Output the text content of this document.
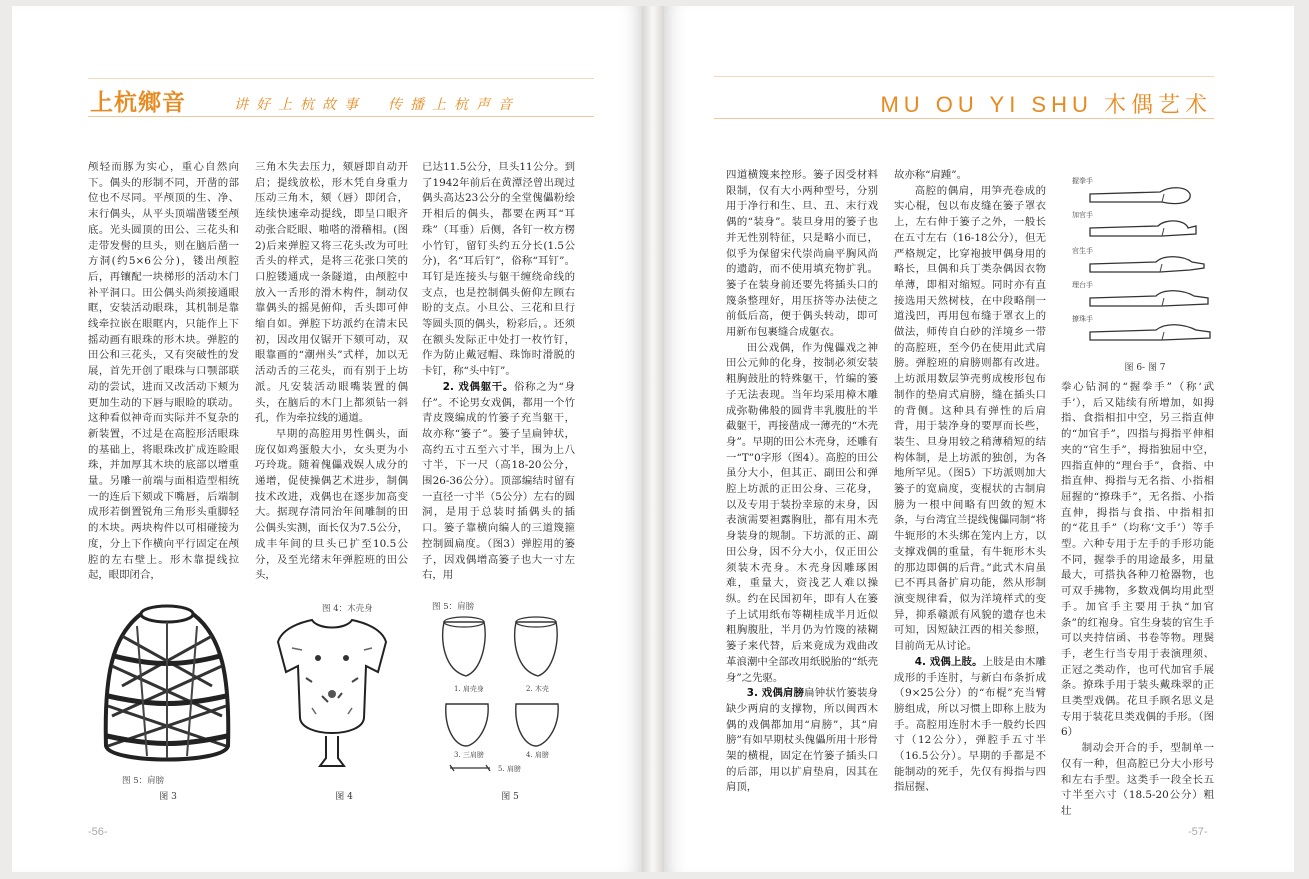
上杭鄉音	讲好上杭故事　传播上杭声音

颅轻而豚为实心，重心自然向下。偶头的形制不同，开凿的部位也不尽同。平颅顶的生、净、末行偶头，从平头顶端凿镂至颅底。光头圆顶的田公、三花头和走带发髻的旦头，则在脑后凿一方洞(约5×6公分)，镂出颅腔后，再镶配一块梯形的活动木门补平洞口。田公偶头尚须接通眼眶，安装活动眼珠，其机制是靠线牵拉嵌在眼眶内，只能作上下摇动画有眼珠的形木块。弹腔的田公和三花头，又有突破性的发展，首先开创了眼珠与口颚部联动的尝试，进而又改活动下颊为更加生动的下唇与眼睑的联动。这种看似神奇而实际并不复杂的新装置，不过是在高腔形活眼珠的基础上，将眼珠改扩成连睑眼珠，并加厚其木块的底部以增重量。另雕一前端与面相造型相统一的连后下颏或下嘴唇，后端制成形若倒置锐角三角形头重脚轻的木块。两块构件以可相碰接为度，分上下作横向平行固定在颅腔的左右壁上。形木靠提线拉起，眼即闭合，

三角木失去压力，颏唇即自动开启；提线放松，形木凭自身重力压动三角木，颏（唇）即闭合，连续快速牵动提线，即呈口眼齐动张合眨眼、啪嗒的滑稽相。(图2)后来弹腔又将三花头改为可吐舌头的样式，是将三花张口笑的口腔镂通成一条隧道，由颅腔中放入一舌形的滑木构件，制动仅靠偶头的摇晃俯仰，舌头即可伸缩自如。弹腔下坊派约在清末民初，因改用仅锯开下颏可动，双眼靠画的“潮州头”式样，加以无活动舌的三花头，而有别于上坊派。凡安装活动眼嘴装置的偶头，在脑后的木门上都须钻一斜孔，作为牵拉线的通道。

早期的高腔用男性偶头，面庞仅如鸡蛋般大小，女头更为小巧玲珑。随着傀儡戏娱人成分的递增，促使操偶艺术进步，制偶技术改进，戏偶也在逐步加高变大。据现存清同治年间雕制的田公偶头实测，面长仅为7.5公分，成丰年间的旦头已扩至10.5公分，及至光绪末年弹腔班的田公头，

已达11.5公分，旦头11公分。到了1942年前后在黄潭泾曾出现过偶头高达23公分的全堂傀儡粉绘开相后的偶头，都要在两耳“耳珠”（耳垂）后侧，各钉一枚方楞小竹钉，留钉头约五分长(1.5公分)，名“耳后钉”，俗称“耳钉”。耳钉是连接头与躯干缠绕命线的支点，也是控制偶头俯仰左顾右盼的支点。小旦公、三花和旦行等圆头顶的偶头，粉彩后，。还须在额头发际正中处打一枚竹钉，作为防止戴冠帽、珠饰时滑脱的卡钉，称“头中钉”。

2. 戏偶躯干。俗称之为“身仔”。不论男女戏偶，都用一个竹青皮篾编成的竹篓子充当躯干，故亦称“篓子”。篓子呈扁钟状，高约五寸五至六寸半，围为上八寸半，下一尺（高18-20公分，围26-36公分）。顶部编结时留有一直径一寸半（5公分）左右的圆洞，是用于总装时插偶头的插口。篓子靠横向编人的三道篾箍控制圆扁度。（图3）弹腔用的篓子，因戏偶增高篓子也大一寸左右，用

图 5：肩膀
图 3
图 4：木壳身
图 4
图 5：肩膀
1. 肩壳身	2. 木壳
3. 三肩膀	4. 肩膀
5. 肩膀
图 5
-56-
MU OU YI SHU 木偶艺术

四道横篾来控形。篓子因受材料限制，仅有大小两种型号，分别用于净行和生、旦、丑、末行戏偶的“装身”。装旦身用的篓子也并无性别特征，只是略小而已，似乎为保留宋代崇尚扁平胸风尚的遗韵，而不使用填充物扩乳。篓子在装身前还要先将插头口的篾条整理好，用压挤等办法使之前低后高，便于偶头转动，即可用新布包裹缝合成躯衣。

田公戏偶，作为傀儡戏之神田公元帅的化身，按制必须安装粗胸鼓肚的特殊躯干，竹编的篓子无法表现。当年均采用樟木雕成弥勒佛般的圆背丰乳腹肚的半截躯干，再接凿成一薄壳的“木壳身”。早期的田公木壳身，还雕有一“T”0字形（图4）。高腔的田公虽分大小，但其正、副田公和弹腔上坊派的正田公身、三花身，以及专用于装扮幸琼的末身，因表演需要袒露胸肚，都有用木壳身装身的规制。下坊派的正、副田公身，因不分大小，仅正田公须装木壳身。木壳身因雕琢困难，重量大，资浅艺人难以操纵。约在民国初年，即有人在篓子上试用纸布等糊桂成半月近似粗胸腹肚，半月仍为竹篾的裱糊篓子来代替，后来竟成为戏曲改革浪潮中全部改用纸脱胎的“纸壳身”之先驱。

3. 戏偶肩膀扁钟状竹篓装身缺少两肩的支撑物，所以闽西木偶的戏偶都加用“肩膀”，其“肩膀”有如早期杖头傀儡所用十形骨架的横棍，固定在竹篓子插头口的后部，用以扩肩垫肩，因其在肩顶，

故亦称“肩踵”。

高腔的偶肩，用笋壳卷成的实心棍，包以布皮缝在篓子罩衣上，左右伸于篓子之外，一般长在五寸左右（16-18公分），但无严格规定，比穿袍披甲偶身用的略长，旦偶和兵丁类杂偶因衣物单薄，即相对缩短。同时亦有直接选用天然树枝，在中段略削一道浅凹，再用包布缝于罩衣上的做法，师传自白砂的洋境乡一带的高腔班，至今仍在使用此式肩膀。弹腔班的肩膀则都有改进。上坊派用数层笋壳剪成梭形包布制作的垫肩式肩膀，缝在插头口的背侧。这种具有弹性的后肩背，用于装净身的要厚而长些，装生、旦身用较之稍薄稍短的结构体制，是上坊派的独创，为各地所罕见。（图5）下坊派则加大篓子的宽扁度，变棍状的古制肩膀为一根中间略有凹敛的短木条，与台湾宜兰提线傀儡同制“将牛轭形的木头绑在笼内上方，以支撑戏偶的重量，有牛轭形木头的那边即偶的后背。”此式木肩虽已不再具备扩肩功能，然从形制演变规律看，似为洋境样式的变异，抑系赣派有风貌的遗存也未可知，因短缺江西的相关参照，目前尚无从讨论。

4. 戏偶上肢。上肢是由木雕成形的手连肘，与新白布条折成（9×25公分）的“布棍”充当臂膀组成，所以习惯上即称上肢为手。高腔用连肘木手一般约长四寸（12公分），弹腔手五寸半（16.5公分）。早期的手都是不能制动的死手，先仅有拇指与四指屈握、

握拳手
加官手
官生手
理台手
撩珠手
图 6- 图 7

拳心钻洞的“握拳手”（称‘武手’），后又陆续有所增加，如拇指、食指相扣中空，另三指直伸的“加官手”，四指与拇指平伸相夹的“官生手”，拇指独屈中空，四指直伸的“理台手”，食指、中指直伸、拇指与无名指、小指相屈握的“撩珠手”，无名指、小指直伸，拇指与食指、中指相扣的“花且手”（均称‘文手’）等手型。六种专用于左手的手形功能不同，握拳手的用途最多，用量最大，可搭执各种刀枪器物，也可双手拂物，多数戏偶均用此型手。加官手主要用于执“加官条”的红袍身。官生身装的官生手可以夹持信函、书卷等物。理鬓手，老生行当专用于表演理须、正冠之类动作，也可代加官手展条。撩珠手用于装头戴珠翠的正旦类型戏偶。花旦手顾名思义是专用于装花旦类戏偶的手形。（图6）

制动会开合的手，型制单一仅有一种，但高腔已分大小形号和左右手型。这类手一段全长五寸半至六寸（18.5-20公分）粗壮

-57-
